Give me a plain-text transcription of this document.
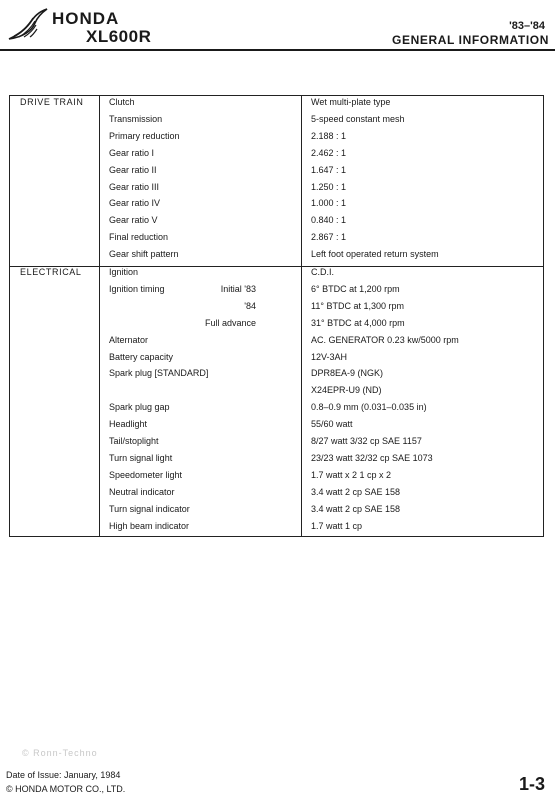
HONDA
XL600R
'83–'84
GENERAL INFORMATION
DRIVE TRAIN	Clutch	Wet multi-plate type
Transmission	5-speed constant mesh
Primary reduction	2.188 : 1
Gear ratio I	2.462 : 1
Gear ratio II	1.647 : 1
Gear ratio III	1.250 : 1
Gear ratio IV	1.000 : 1
Gear ratio V	0.840 : 1
Final reduction	2.867 : 1
Gear shift pattern	Left foot operated return system
ELECTRICAL	Ignition	C.D.I.
Ignition timing	Initial '83	6° BTDC at 1,200 rpm
'84	11° BTDC at 1,300 rpm
Full advance	31° BTDC at 4,000 rpm
Alternator	AC. GENERATOR 0.23 kw/5000 rpm
Battery capacity	12V-3AH
Spark plug [STANDARD]	DPR8EA-9 (NGK)
X24EPR-U9 (ND)
Spark plug gap	0.8–0.9 mm (0.031–0.035 in)
Headlight	55/60 watt
Tail/stoplight	8/27 watt 3/32 cp SAE 1157
Turn signal light	23/23 watt 32/32 cp SAE 1073
Speedometer light	1.7 watt x 2 1 cp x 2
Neutral indicator	3.4 watt 2 cp SAE 158
Turn signal indicator	3.4 watt 2 cp SAE 158
High beam indicator	1.7 watt 1 cp
© Ronn-Techno
Date of Issue: January, 1984
© HONDA MOTOR CO., LTD.	1-3
